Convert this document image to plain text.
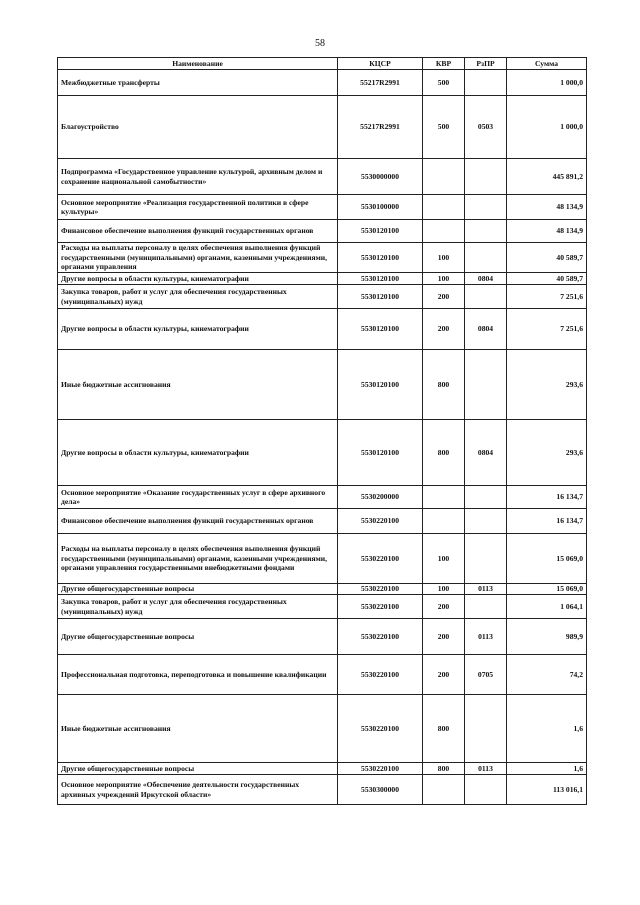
58
Наименование	КЦСР	КВР	РзПР	Сумма
Межбюджетные трансферты	55217R2991	500		1 000,0
Благоустройство	55217R2991	500	0503	1 000,0
Подпрограмма «Государственное управление культурой, архивным делом и сохранение национальной самобытности»	5530000000			445 891,2
Основное мероприятие «Реализация государственной политики в сфере культуры»	5530100000			48 134,9
Финансовое обеспечение выполнения функций государственных органов	5530120100			48 134,9
Расходы на выплаты персоналу в целях обеспечения выполнения функций государственными (муниципальными) органами, казенными учреждениями, органами управления	5530120100	100		40 589,7
Другие вопросы в области культуры, кинематографии	5530120100	100	0804	40 589,7
Закупка товаров, работ и услуг для обеспечения государственных (муниципальных) нужд	5530120100	200		7 251,6
Другие вопросы в области культуры, кинематографии	5530120100	200	0804	7 251,6
Иные бюджетные ассигнования	5530120100	800		293,6
Другие вопросы в области культуры, кинематографии	5530120100	800	0804	293,6
Основное мероприятие «Оказание государственных услуг в сфере архивного дела»	5530200000			16 134,7
Финансовое обеспечение выполнения функций государственных органов	5530220100			16 134,7
Расходы на выплаты персоналу в целях обеспечения выполнения функций государственными (муниципальными) органами, казенными учреждениями, органами управления государственными внебюджетными фондами	5530220100	100		15 069,0
Другие общегосударственные вопросы	5530220100	100	0113	15 069,0
Закупка товаров, работ и услуг для обеспечения государственных (муниципальных) нужд	5530220100	200		1 064,1
Другие общегосударственные вопросы	5530220100	200	0113	989,9
Профессиональная подготовка, переподготовка и повышение квалификации	5530220100	200	0705	74,2
Иные бюджетные ассигнования	5530220100	800		1,6
Другие общегосударственные вопросы	5530220100	800	0113	1,6
Основное мероприятие «Обеспечение деятельности государственных архивных учреждений Иркутской области»	5530300000			113 016,1
